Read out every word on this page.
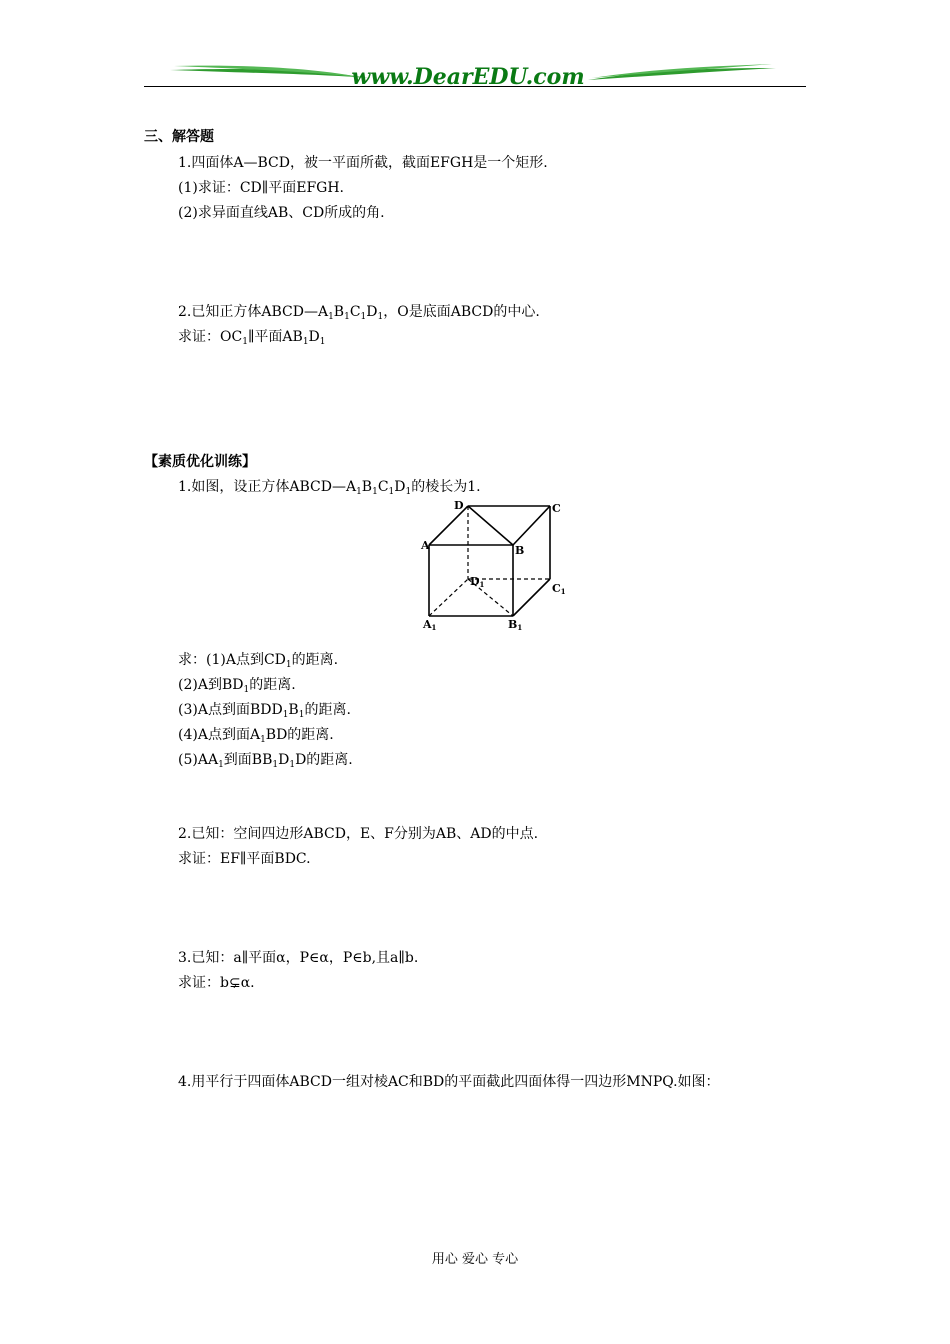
www.DearEDU.com
三、解答题
1.四面体A—BCD，被一平面所截，截面EFGH是一个矩形.
(1)求证：CD∥平面EFGH.
(2)求异面直线AB、CD所成的角.
2.已知正方体$ABCD—A_1B_1C_1D_1$，O是底面ABCD的中心.
求证：$OC_1\parallel$平面$AB_1D_1$
【素质优化训练】
1.如图，设正方体$ABCD—A_1B_1C_1D_1$的棱长为1.
D	C
A	B
D1	C1
A1	B1
求：(1)A点到$CD_1$的距离.
(2)A到$BD_1$的距离.
(3)A点到面$BDD_1B_1$的距离.
(4)A点到面$A_1BD$的距离.
$(5)AA_1$到面$BB_1D_1D$的距离.
2.已知：空间四边形ABCD，E、F分别为AB、AD的中点.
求证：EF∥平面BDC.
3.已知：a∥平面α，P∈α，P∈b,且a∥b.
求证：b⊊α.
4.用平行于四面体ABCD一组对棱AC和BD的平面截此四面体得一四边形MNPQ.如图：
用心 爱心 专心
